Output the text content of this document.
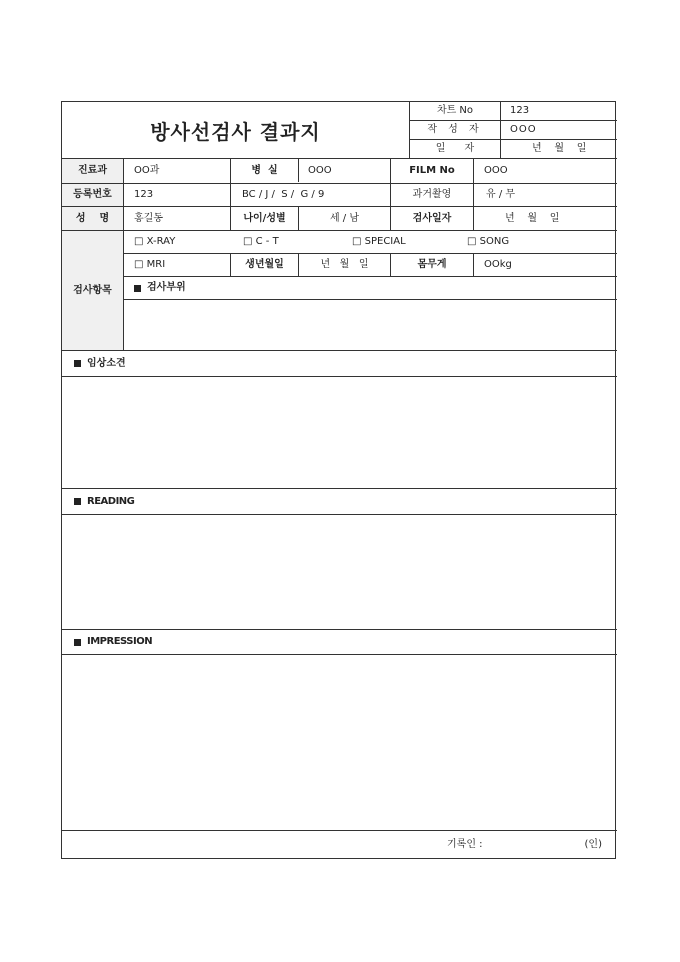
방사선검사 결과지
차트 No	123
작 성 자	OOO
일      자	년    월    일
진료과	OO과	병  실	OOO	FILM No	OOO
등록번호	123	BC / J /  S /  G / 9	과거촬영	유 / 무
성    명	홍길동	나이/성별	세 / 남	검사일자	년    월    일
검사항목
□ X-RAY	□ C - T	□ SPECIAL	□ SONG
□ MRI	생년월일	년   월   일	몸무게	OOkg
검사부위
임상소견
READING
IMPRESSION
기록인 :	(인)
